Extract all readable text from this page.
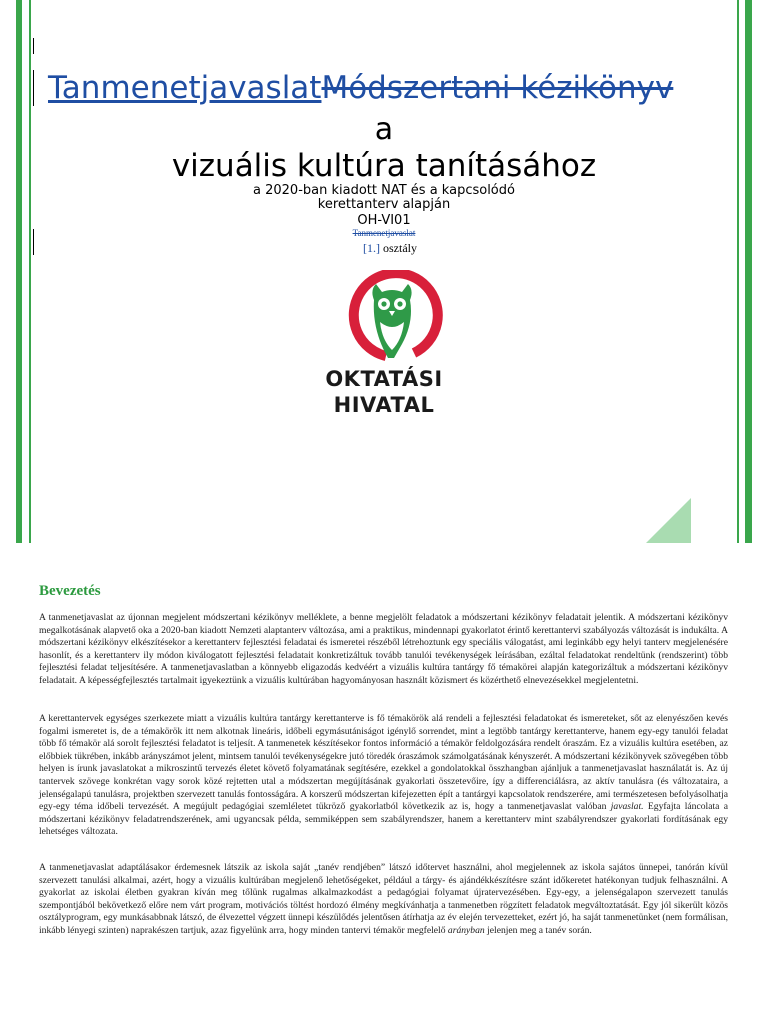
TanmenetjavaslatMódszertani kézikönyv
a
vizuális kultúra tanításához
a 2020-ban kiadott NAT és a kapcsolódó
kerettanterv alapján
OH-VI01
Tanmenetjavaslat
[1.] osztály
OKTATÁSI
HIVATAL
Bevezetés

A tanmenetjavaslat az újonnan megjelent módszertani kézikönyv melléklete, a benne megjelölt feladatok a módszertani kézikönyv feladatait jelentik. A módszertani kézikönyv megalkotásának alapvető oka a 2020-ban kiadott Nemzeti alaptanterv változása, ami a praktikus, mindennapi gyakorlatot érintő kerettantervi szabályozás változását is indukálta. A módszertani kézikönyv elkészítésekor a kerettanterv fejlesztési feladatai és ismeretei részéből létrehoztunk egy speciális válogatást, ami leginkább egy helyi tanterv megjelenésére hasonlít, és a kerettanterv ily módon kiválogatott fejlesztési feladatait konkretizáltuk tovább tanulói tevékenységek leírásában, ezáltal feladatokat rendeltünk (rendszerint) több fejlesztési feladat teljesítésére. A tanmenetjavaslatban a könnyebb eligazodás kedvéért a vizuális kultúra tantárgy fő témakörei alapján kategorizáltuk a módszertani kézikönyv feladatait. A képességfejlesztés tartalmait igyekeztünk a vizuális kultúrában hagyományosan használt közismert és közérthető elnevezésekkel megjelentetni.

A kerettantervek egységes szerkezete miatt a vizuális kultúra tantárgy kerettanterve is fő témakörök alá rendeli a fejlesztési feladatokat és ismereteket, sőt az elenyészően kevés fogalmi ismeretet is, de a témakörök itt nem alkotnak lineáris, időbeli egymásutániságot igénylő sorrendet, mint a legtöbb tantárgy kerettanterve, hanem egy-egy tanulói feladat több fő témakör alá sorolt fejlesztési feladatot is teljesít. A tanmenetek készítésekor fontos információ a témakör feldolgozására rendelt óraszám. Ez a vizuális kultúra esetében, az előbbiek tükrében, inkább arányszámot jelent, mintsem tanulói tevékenységekre jutó töredék óraszámok számolgatásának kényszerét. A módszertani kézikönyvek szövegében több helyen is írunk javaslatokat a mikroszintű tervezés életet követő folyamatának segítésére, ezekkel a gondolatokkal összhangban ajánljuk a tanmenetjavaslat használatát is. Az új tantervek szövege konkrétan vagy sorok közé rejtetten utal a módszertan megújításának gyakorlati összetevőire, így a differenciálásra, az aktív tanulásra (és változataira, a jelenségalapú tanulásra, projektben szervezett tanulás fontosságára. A korszerű módszertan kifejezetten épít a tantárgyi kapcsolatok rendszerére, ami természetesen befolyásolhatja egy-egy téma időbeli tervezését. A megújult pedagógiai szemléletet tükröző gyakorlatból következik az is, hogy a tanmenetjavaslat valóban javaslat. Egyfajta láncolata a módszertani kézikönyv feladatrendszerének, ami ugyancsak példa, semmiképpen sem szabályrendszer, hanem a kerettanterv mint szabályrendszer gyakorlati fordításának egy lehetséges változata.

A tanmenetjavaslat adaptálásakor érdemesnek látszik az iskola saját „tanév rendjében” látszó időtervet használni, ahol megjelennek az iskola sajátos ünnepei, tanórán kívül szervezett tanulási alkalmai, azért, hogy a vizuális kultúrában megjelenő lehetőségeket, például a tárgy- és ajándékkészítésre szánt időkeretet hatékonyan tudjuk felhasználni. A gyakorlat az iskolai életben gyakran kíván meg tőlünk rugalmas alkalmazkodást a pedagógiai folyamat újratervezésében. Egy-egy, a jelenségalapon szervezett tanulás szempontjából bekövetkező előre nem várt program, motivációs töltést hordozó élmény megkívánhatja a tanmenetben rögzített feladatok megváltoztatását. Egy jól sikerült közös osztályprogram, egy munkásabbnak látszó, de élvezettel végzett ünnepi készülődés jelentősen átírhatja az év elején tervezetteket, ezért jó, ha saját tanmenetünket (nem formálisan, inkább lényegi szinten) naprakészen tartjuk, azaz figyelünk arra, hogy minden tantervi témakör megfelelő arányban jelenjen meg a tanév során.
